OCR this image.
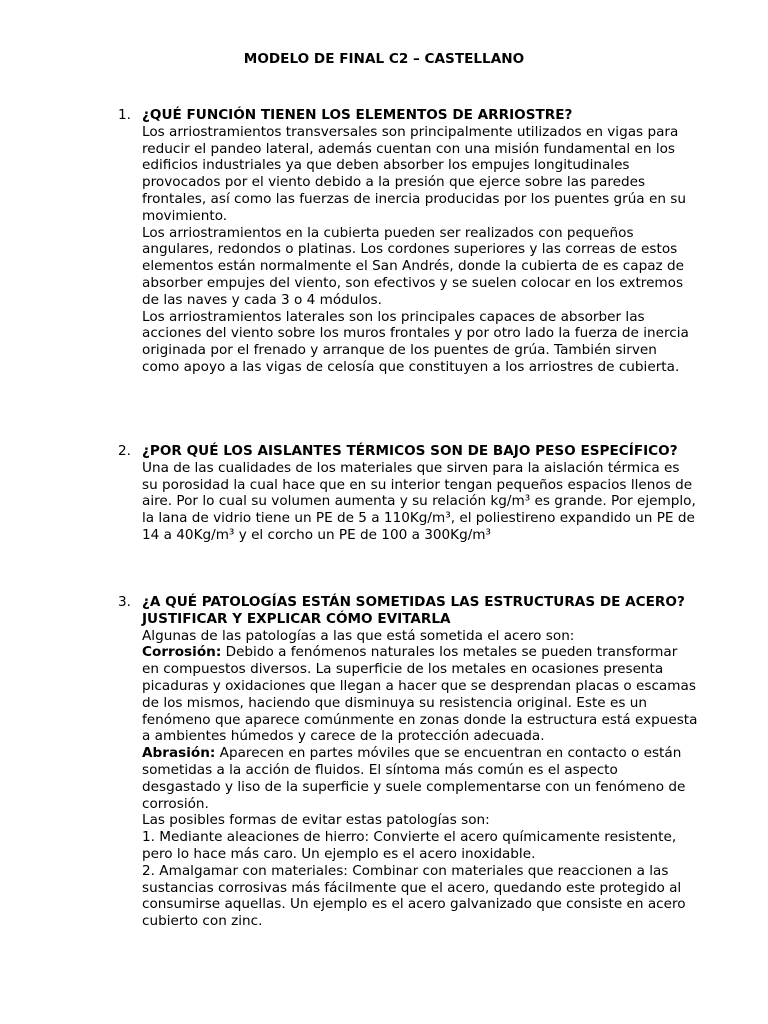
MODELO DE FINAL C2 – CASTELLANO
1. ¿QUÉ FUNCIÓN TIENEN LOS ELEMENTOS DE ARRIOSTRE?
Los arriostramientos transversales son principalmente utilizados en vigas para reducir el pandeo lateral, además cuentan con una misión fundamental en los edificios industriales ya que deben absorber los empujes longitudinales provocados por el viento debido a la presión que ejerce sobre las paredes frontales, así como las fuerzas de inercia producidas por los puentes grúa en su movimiento.
Los arriostramientos en la cubierta pueden ser realizados con pequeños angulares, redondos o platinas. Los cordones superiores y las correas de estos elementos están normalmente el San Andrés, donde la cubierta de es capaz de absorber empujes del viento, son efectivos y se suelen colocar en los extremos de las naves y cada 3 o 4 módulos.
Los arriostramientos laterales son los principales capaces de absorber las acciones del viento sobre los muros frontales y por otro lado la fuerza de inercia originada por el frenado y arranque de los puentes de grúa. También sirven como apoyo a las vigas de celosía que constituyen a los arriostres de cubierta.
2. ¿POR QUÉ LOS AISLANTES TÉRMICOS SON DE BAJO PESO ESPECÍFICO?
Una de las cualidades de los materiales que sirven para la aislación térmica es su porosidad la cual hace que en su interior tengan pequeños espacios llenos de aire. Por lo cual su volumen aumenta y su relación kg/m³ es grande. Por ejemplo, la lana de vidrio tiene un PE de 5 a 110Kg/m³, el poliestireno expandido un PE de 14 a 40Kg/m³ y el corcho un PE de 100 a 300Kg/m³
3. ¿A QUÉ PATOLOGÍAS ESTÁN SOMETIDAS LAS ESTRUCTURAS DE ACERO? JUSTIFICAR Y EXPLICAR CÓMO EVITARLA
Algunas de las patologías a las que está sometida el acero son:
Corrosión: Debido a fenómenos naturales los metales se pueden transformar en compuestos diversos. La superficie de los metales en ocasiones presenta picaduras y oxidaciones que llegan a hacer que se desprendan placas o escamas de los mismos, haciendo que disminuya su resistencia original. Este es un fenómeno que aparece comúnmente en zonas donde la estructura está expuesta a ambientes húmedos y carece de la protección adecuada.
Abrasión: Aparecen en partes móviles que se encuentran en contacto o están sometidas a la acción de fluidos. El síntoma más común es el aspecto desgastado y liso de la superficie y suele complementarse con un fenómeno de corrosión.
Las posibles formas de evitar estas patologías son:
1. Mediante aleaciones de hierro: Convierte el acero químicamente resistente, pero lo hace más caro. Un ejemplo es el acero inoxidable.
2. Amalgamar con materiales: Combinar con materiales que reaccionen a las sustancias corrosivas más fácilmente que el acero, quedando este protegido al consumirse aquellas. Un ejemplo es el acero galvanizado que consiste en acero cubierto con zinc.
